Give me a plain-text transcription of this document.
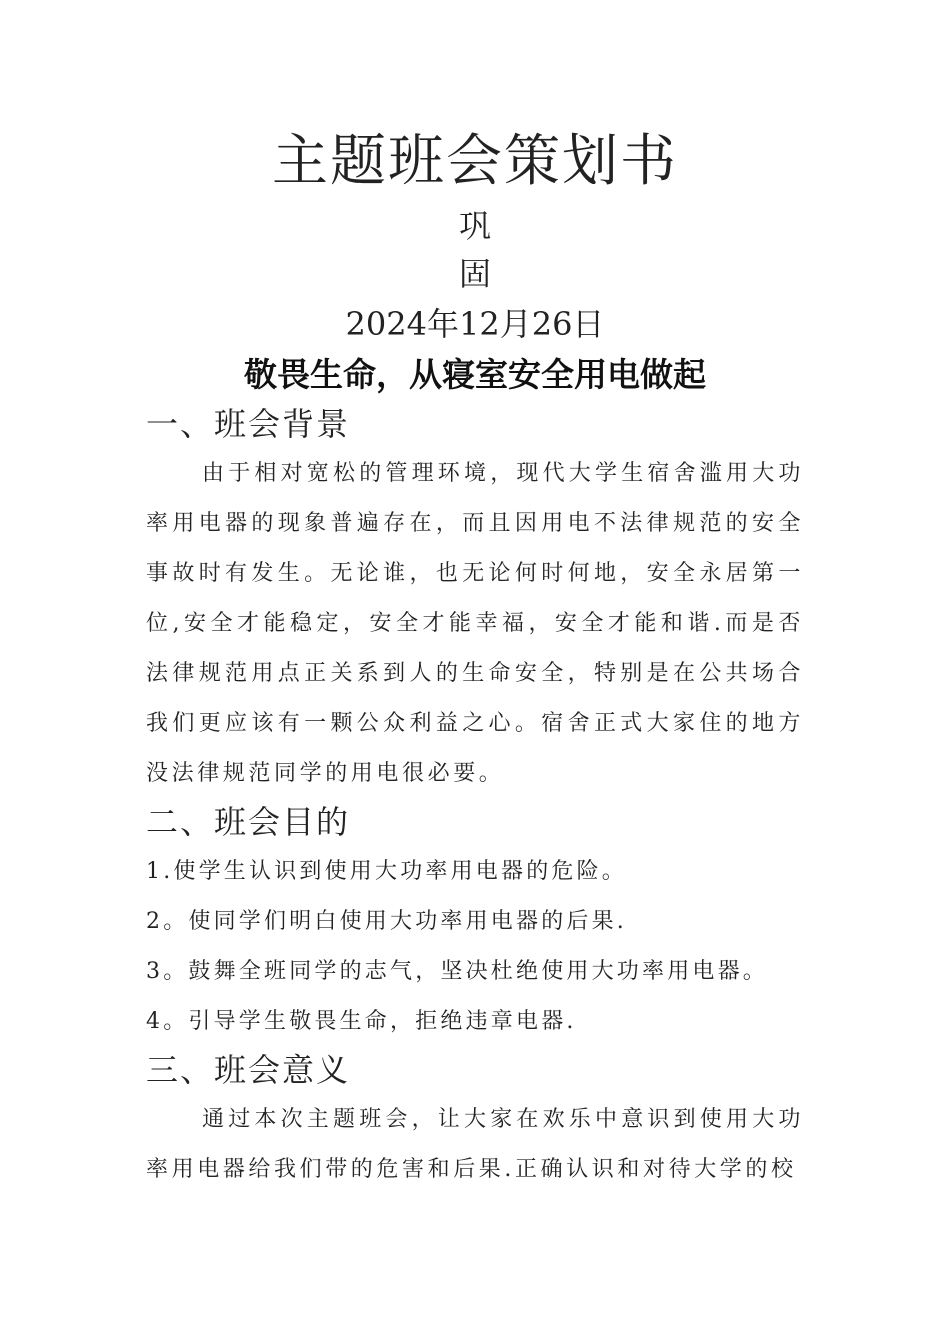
主题班会策划书
巩
固
2024年12月26日
敬畏生命，从寝室安全用电做起
一、班会背景

由于相对宽松的管理环境，现代大学生宿舍滥用大功率用电器的现象普遍存在，而且因用电不法律规范的安全事故时有发生。无论谁，也无论何时何地，安全永居第一位,安全才能稳定，安全才能幸福，安全才能和谐.而是否法律规范用点正关系到人的生命安全，特别是在公共场合我们更应该有一颗公众利益之心。宿舍正式大家住的地方没法律规范同学的用电很必要。

二、班会目的
1.使学生认识到使用大功率用电器的危险。
2。使同学们明白使用大功率用电器的后果.
3。鼓舞全班同学的志气，坚决杜绝使用大功率用电器。
4。引导学生敬畏生命，拒绝违章电器.
三、班会意义

通过本次主题班会，让大家在欢乐中意识到使用大功率用电器给我们带的危害和后果.正确认识和对待大学的校
